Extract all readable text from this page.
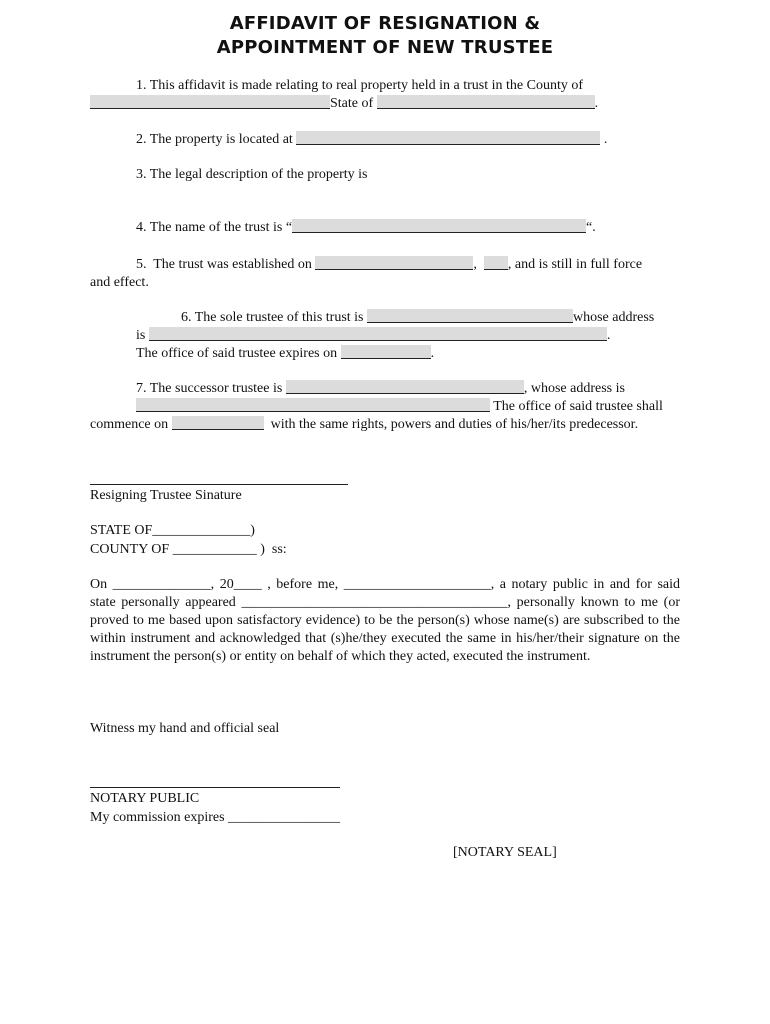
AFFIDAVIT OF RESIGNATION &
APPOINTMENT OF NEW TRUSTEE
1. This affidavit is made relating to real property held in a trust in the County of
State of	.
2. The property is located at	.
3. The legal description of the property is
4. The name of the trust is “	“.
5.  The trust was established on	, , and is still in full force
and effect.
6. The sole trustee of this trust is	whose address
is	.
The office of said trustee expires on	.
7. The successor trustee is	, whose address is
The office of said trustee shall
commence on	with the same rights, powers and duties of his/her/its predecessor.
Resigning Trustee Sinature
STATE OF______________)
COUNTY OF ____________ )  ss:
On ______________, 20____ , before me, _____________________, a notary public in and for said state personally appeared ______________________________________, personally known to me (or proved to me based upon satisfactory evidence) to be the person(s) whose name(s) are subscribed to the within instrument and acknowledged that (s)he/they executed the same in his/her/their signature on the instrument the person(s) or entity on behalf of which they acted, executed the instrument.
Witness my hand and official seal
NOTARY PUBLIC
My commission expires ________________
[NOTARY SEAL]
